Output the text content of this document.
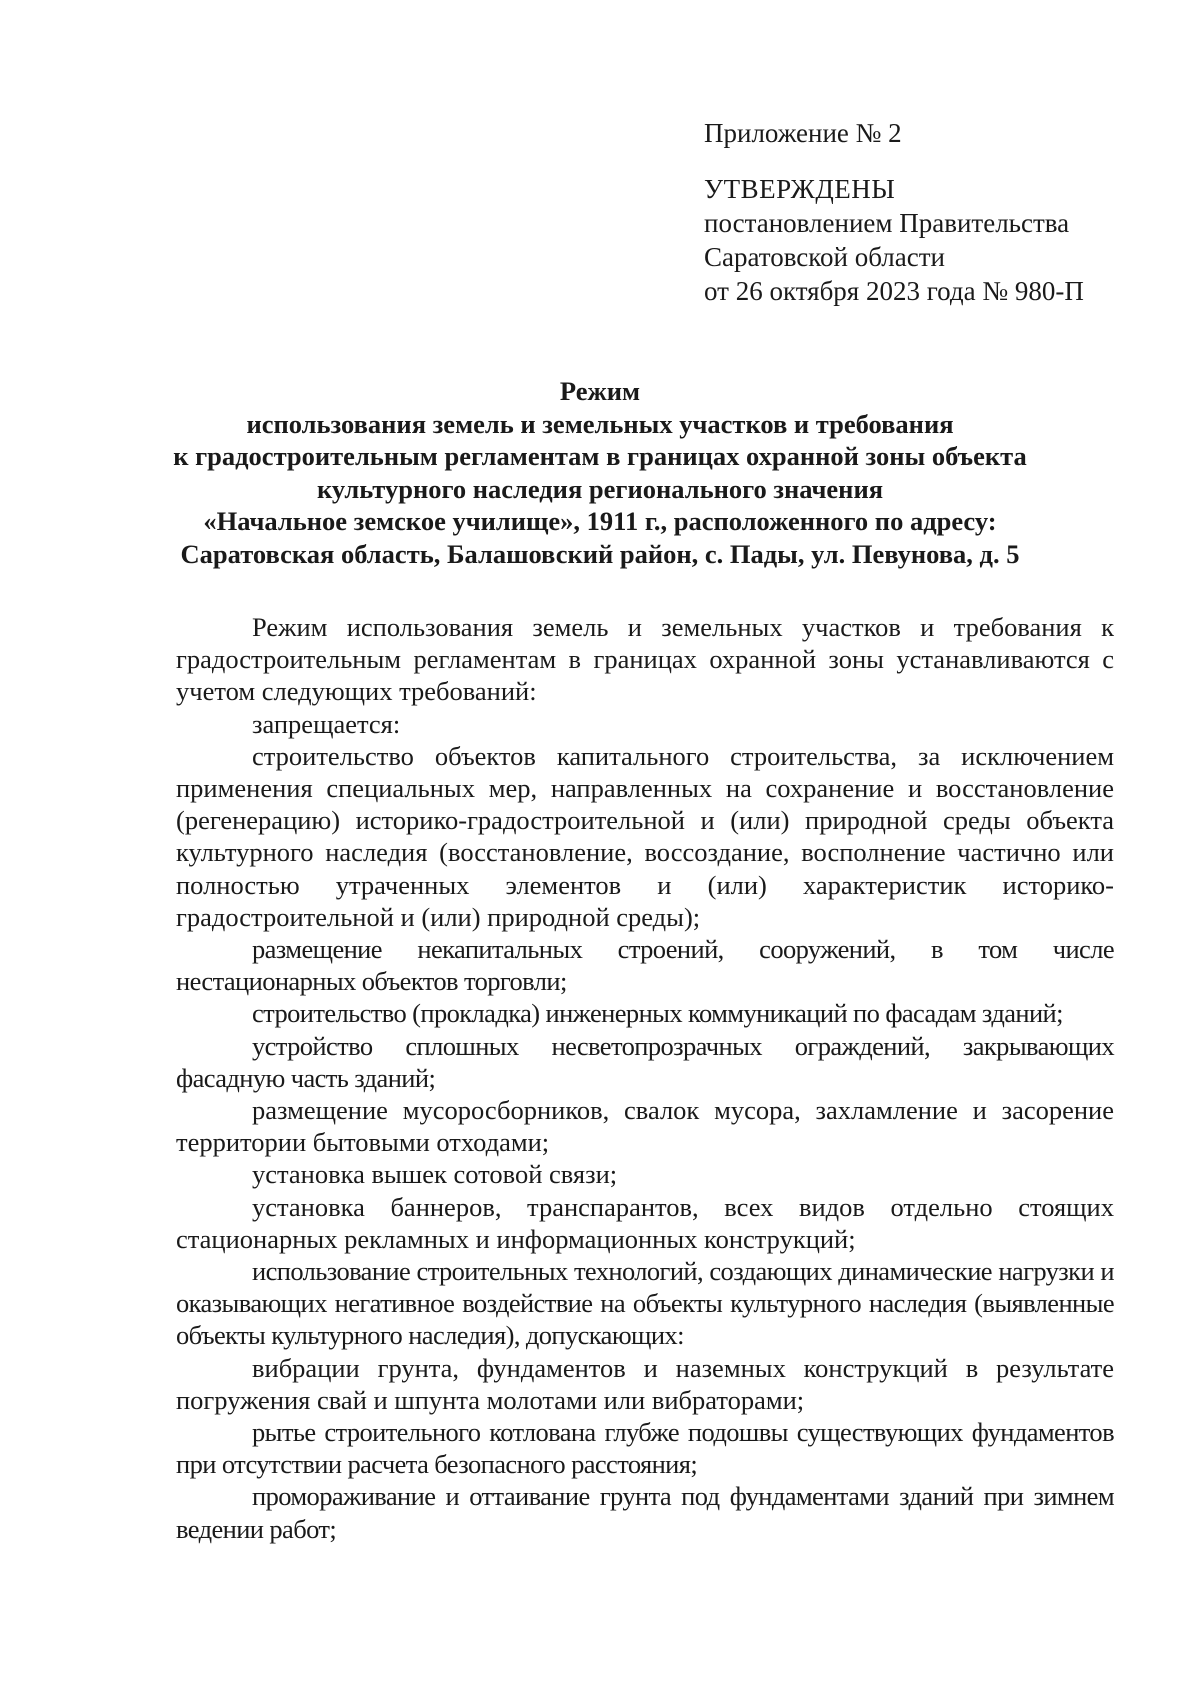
Приложение № 2

УТВЕРЖДЕНЫ

постановлением Правительства

Саратовской области

от 26 октября 2023 года № 980-П

Режим
использования земель и земельных участков и требования
к градостроительным регламентам в границах охранной зоны объекта
культурного наследия регионального значения
«Начальное земское училище», 1911 г., расположенного по адресу:
Саратовская область, Балашовский район, с. Пады, ул. Певунова, д. 5

Режим использования земель и земельных участков и требования к градостроительным регламентам в границах охранной зоны устанавливаются с учетом следующих требований:

запрещается:

строительство объектов капитального строительства, за исключением применения специальных мер, направленных на сохранение и восстановление (регенерацию) историко-градостроительной и (или) природной среды объекта культурного наследия (восстановление, воссоздание, восполнение частично или полностью утраченных элементов и (или) характеристик историко-градостроительной и (или) природной среды);

размещение некапитальных строений, сооружений, в том числе нестационарных объектов торговли;

строительство (прокладка) инженерных коммуникаций по фасадам зданий;

устройство сплошных несветопрозрачных ограждений, закрывающих фасадную часть зданий;

размещение мусоросборников, свалок мусора, захламление и засорение территории бытовыми отходами;

установка вышек сотовой связи;

установка баннеров, транспарантов, всех видов отдельно стоящих стационарных рекламных и информационных конструкций;

использование строительных технологий, создающих динамические нагрузки и оказывающих негативное воздействие на объекты культурного наследия (выявленные объекты культурного наследия), допускающих:

вибрации грунта, фундаментов и наземных конструкций в результате погружения свай и шпунта молотами или вибраторами;

рытье строительного котлована глубже подошвы существующих фундаментов при отсутствии расчета безопасного расстояния;

промораживание и оттаивание грунта под фундаментами зданий при зимнем ведении работ;
